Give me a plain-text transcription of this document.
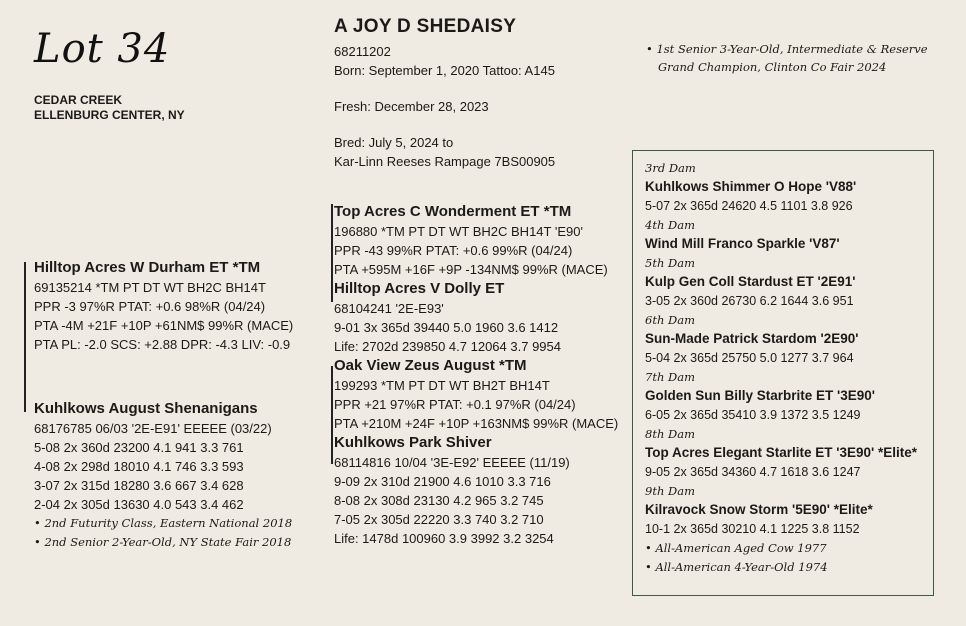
Lot 34
CEDAR CREEK
ELLENBURG CENTER, NY
Hilltop Acres W Durham ET *TM
69135214 *TM PT DT WT BH2C BH14T
PPR -3 97%R PTAT: +0.6 98%R (04/24)
PTA -4M +21F +10P +61NM$ 99%R (MACE)
PTA PL: -2.0 SCS: +2.88 DPR: -4.3 LIV: -0.9
Kuhlkows August Shenanigans
68176785 06/03 '2E-E91' EEEEE (03/22)
5-08 2x 360d 23200 4.1 941 3.3 761
4-08 2x 298d 18010 4.1 746 3.3 593
3-07 2x 315d 18280 3.6 667 3.4 628
2-04 2x 305d 13630 4.0 543 3.4 462
• 2nd Futurity Class, Eastern National 2018
• 2nd Senior 2-Year-Old, NY State Fair 2018
A JOY D SHEDAISY
68211202
Born: September 1, 2020 Tattoo: A145
Fresh: December 28, 2023
Bred: July 5, 2024 to
Kar-Linn Reeses Rampage 7BS00905
Top Acres C Wonderment ET *TM
196880 *TM PT DT WT BH2C BH14T 'E90'
PPR -43 99%R PTAT: +0.6 99%R (04/24)
PTA +595M +16F +9P -134NM$ 99%R (MACE)
Hilltop Acres V Dolly ET
68104241 '2E-E93'
9-01 3x 365d 39440 5.0 1960 3.6 1412
Life: 2702d 239850 4.7 12064 3.7 9954
Oak View Zeus August *TM
199293 *TM PT DT WT BH2T BH14T
PPR +21 97%R PTAT: +0.1 97%R (04/24)
PTA +210M +24F +10P +163NM$ 99%R (MACE)
Kuhlkows Park Shiver
68114816 10/04 '3E-E92' EEEEE (11/19)
9-09 2x 310d 21900 4.6 1010 3.3 716
8-08 2x 308d 23130 4.2 965 3.2 745
7-05 2x 305d 22220 3.3 740 3.2 710
Life: 1478d 100960 3.9 3992 3.2 3254
• 1st Senior 3-Year-Old, Intermediate & Reserve
Grand Champion, Clinton Co Fair 2024
3rd Dam
Kuhlkows Shimmer O Hope 'V88'
5-07 2x 365d 24620 4.5 1101 3.8 926
4th Dam
Wind Mill Franco Sparkle 'V87'
5th Dam
Kulp Gen Coll Stardust ET '2E91'
3-05 2x 360d 26730 6.2 1644 3.6 951
6th Dam
Sun-Made Patrick Stardom '2E90'
5-04 2x 365d 25750 5.0 1277 3.7 964
7th Dam
Golden Sun Billy Starbrite ET '3E90'
6-05 2x 365d 35410 3.9 1372 3.5 1249
8th Dam
Top Acres Elegant Starlite ET '3E90' *Elite*
9-05 2x 365d 34360 4.7 1618 3.6 1247
9th Dam
Kilravock Snow Storm '5E90' *Elite*
10-1 2x 365d 30210 4.1 1225 3.8 1152
• All-American Aged Cow 1977
• All-American 4-Year-Old 1974
